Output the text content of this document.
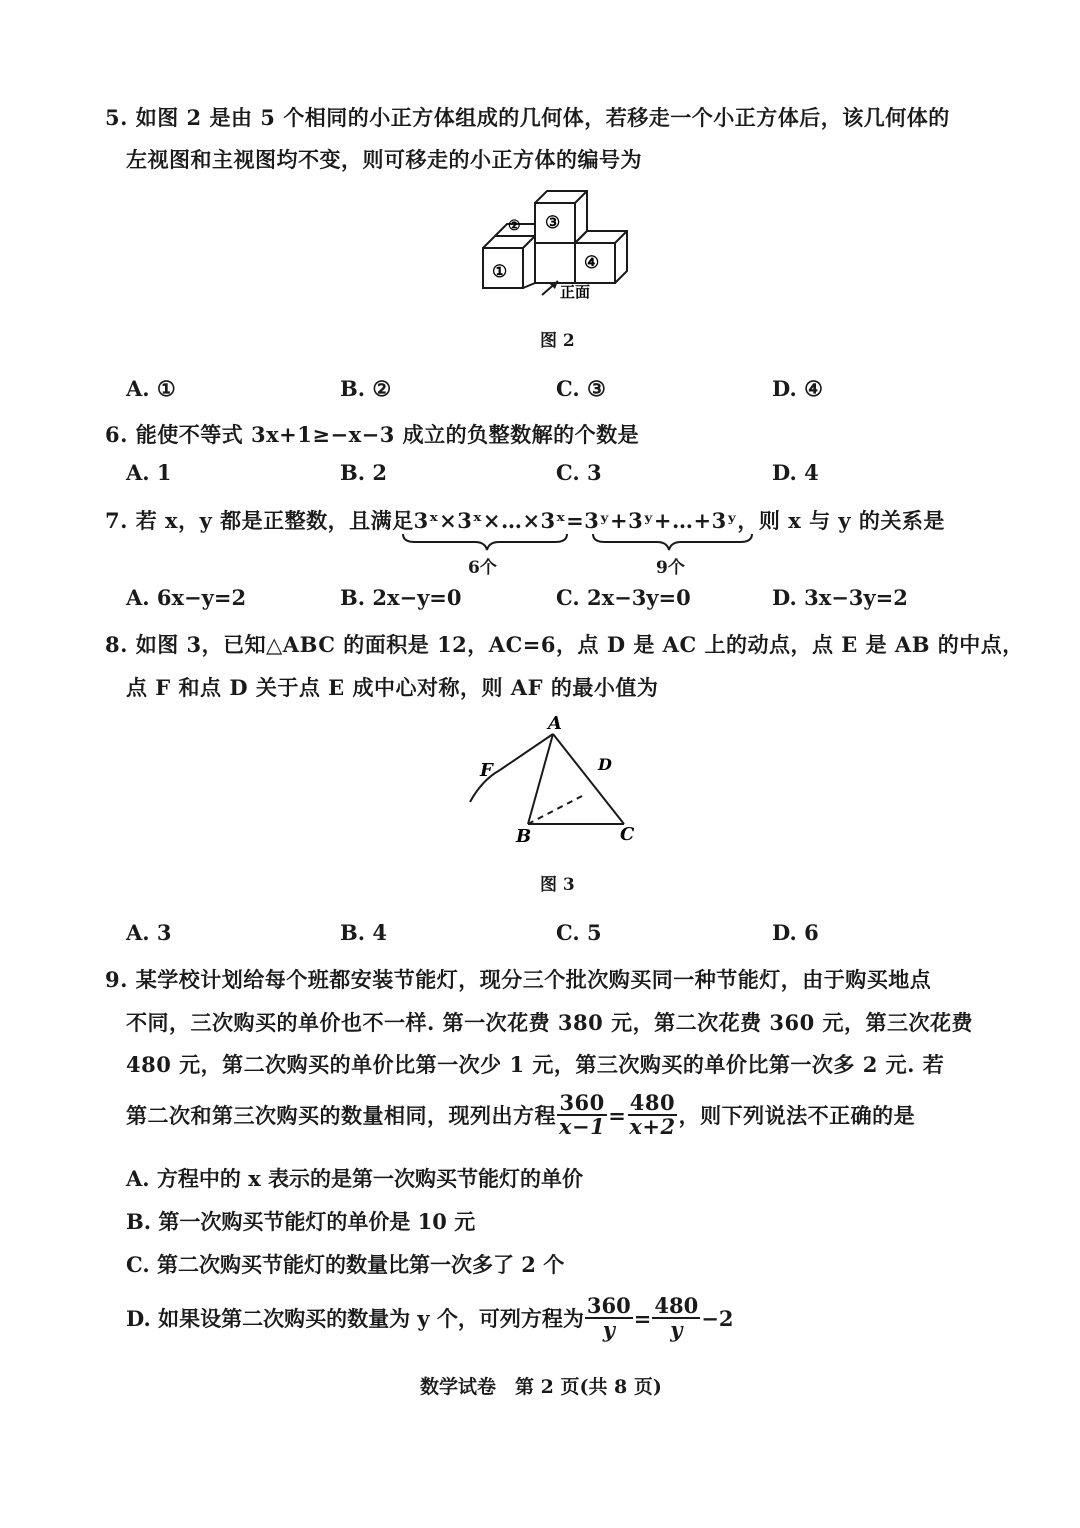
5. 如图 2 是由 5 个相同的小正方体组成的几何体，若移走一个小正方体后，该几何体的
左视图和主视图均不变，则可移走的小正方体的编号为
①
② ③
④
正面
图 2
A. ①	B. ②	C. ③	D. ④
6. 能使不等式 3x+1≥−x−3 成立的负整数解的个数是
A. 1	B. 2	C. 3	D. 4
7. 若 x，y 都是正整数，且满足3ˣ×3ˣ×…×3ˣ=3ʸ+3ʸ+…+3ʸ，则 x 与 y 的关系是
6个	9个
A. 6x−y=2	B. 2x−y=0	C. 2x−3y=0	D. 3x−3y=2
8. 如图 3，已知△ABC 的面积是 12，AC=6，点 D 是 AC 上的动点，点 E 是 AB 的中点，
点 F 和点 D 关于点 E 成中心对称，则 AF 的最小值为
A
F	D
B	C
图 3
A. 3	B. 4	C. 5	D. 6
9. 某学校计划给每个班都安装节能灯，现分三个批次购买同一种节能灯，由于购买地点
不同，三次购买的单价也不一样. 第一次花费 380 元，第二次花费 360 元，第三次花费
480 元，第二次购买的单价比第一次少 1 元，第三次购买的单价比第一次多 2 元. 若
第二次和第三次购买的数量相同，现列出方程 $\frac{360}{x-1} = \frac{480}{x+2}$ ，则下列说法不正确的是
A. 方程中的 x 表示的是第一次购买节能灯的单价
B. 第一次购买节能灯的单价是 10 元
C. 第二次购买节能灯的数量比第一次多了 2 个
D. 如果设第二次购买的数量为 y 个，可列方程为 $\frac{360}{y} = \frac{480}{y} -2$
数学试卷　第 2 页(共 8 页)
